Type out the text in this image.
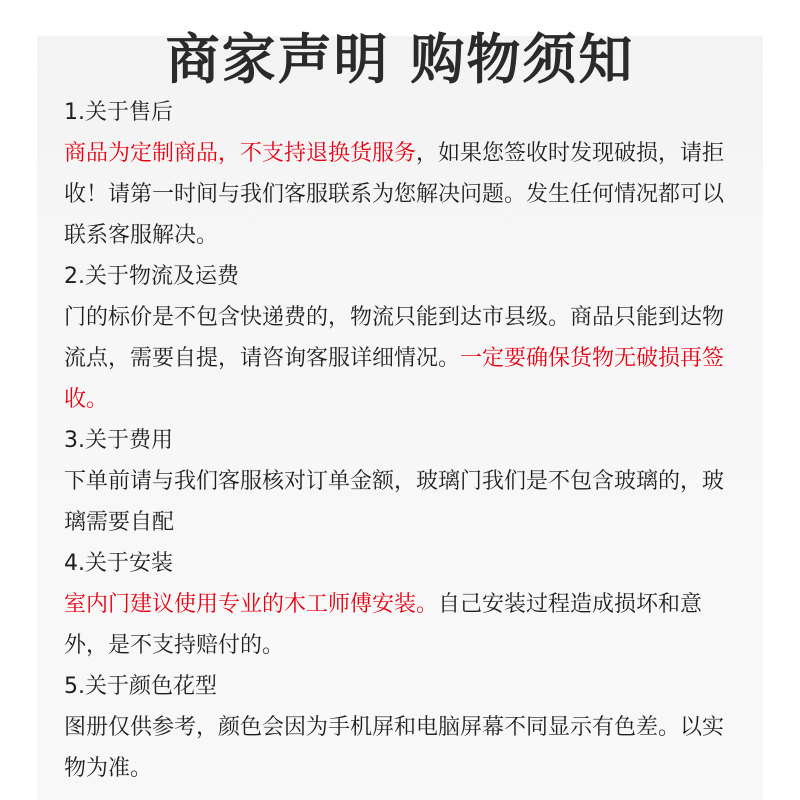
商家声明 购物须知
1.关于售后
商品为定制商品，不支持退换货服务，如果您签收时发现破损，请拒收！请第一时间与我们客服联系为您解决问题。发生任何情况都可以联系客服解决。
2.关于物流及运费
门的标价是不包含快递费的，物流只能到达市县级。商品只能到达物流点，需要自提，请咨询客服详细情况。一定要确保货物无破损再签收。
3.关于费用
下单前请与我们客服核对订单金额，玻璃门我们是不包含玻璃的，玻璃需要自配
4.关于安装
室内门建议使用专业的木工师傅安装。自己安装过程造成损坏和意外，是不支持赔付的。
5.关于颜色花型
图册仅供参考，颜色会因为手机屏和电脑屏幕不同显示有色差。以实物为准。
